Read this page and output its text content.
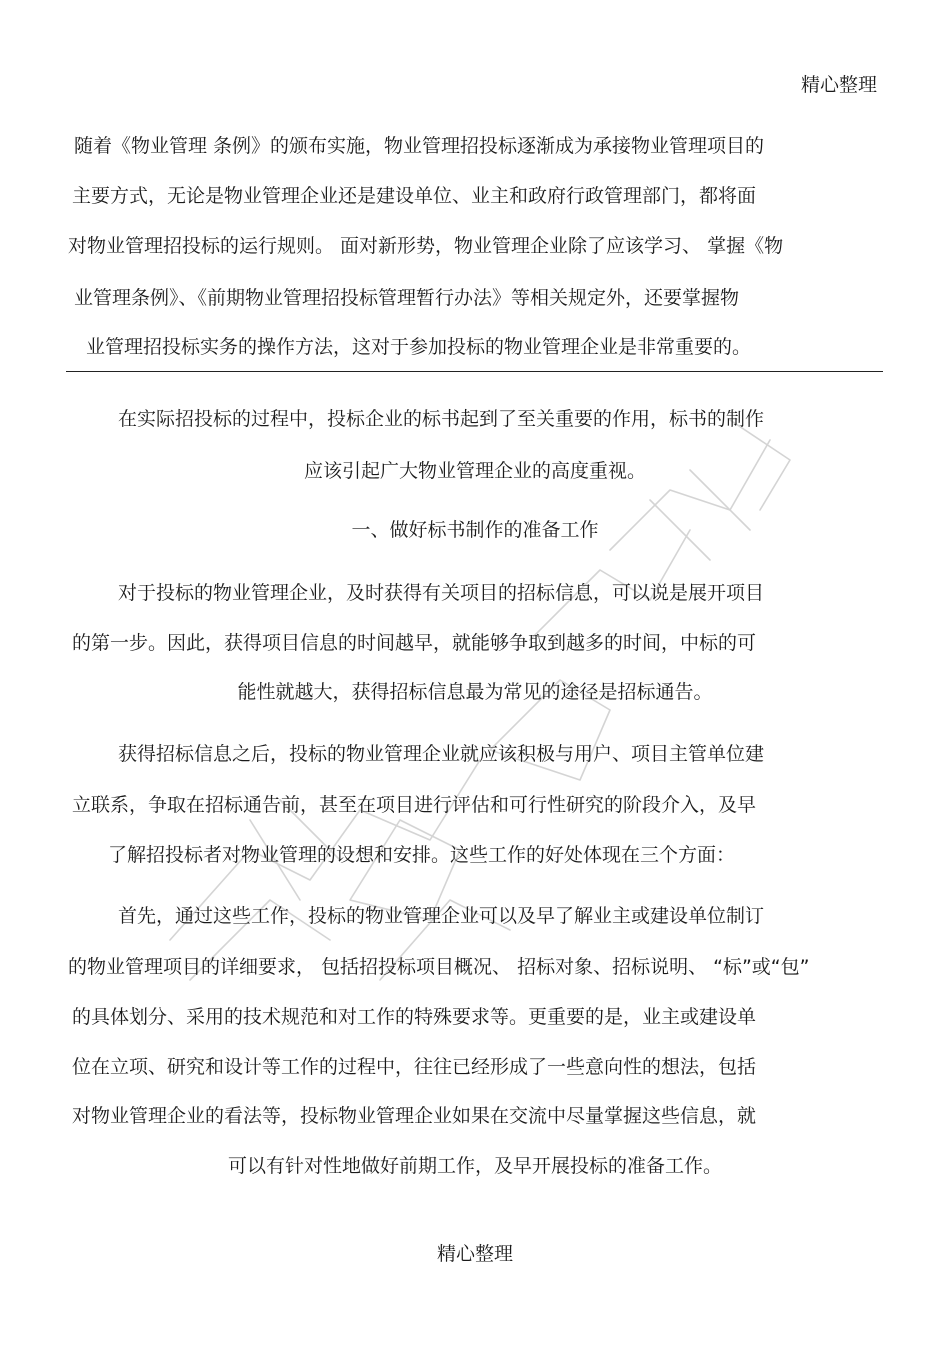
精心整理
随着《物业管理 条例》的颁布实施，物业管理招投标逐渐成为承接物业管理项目的
主要方式，无论是物业管理企业还是建设单位、业主和政府行政管理部门，都将面
对物业管理招投标的运行规则。 面对新形势，物业管理企业除了应该学习、 掌握《物
业管理条例》、《前期物业管理招投标管理暂行办法》等相关规定外，还要掌握物
业管理招投标实务的操作方法，这对于参加投标的物业管理企业是非常重要的。
在实际招投标的过程中，投标企业的标书起到了至关重要的作用，标书的制作
应该引起广大物业管理企业的高度重视。
一、做好标书制作的准备工作
对于投标的物业管理企业，及时获得有关项目的招标信息，可以说是展开项目
的第一步。因此，获得项目信息的时间越早，就能够争取到越多的时间，中标的可
能性就越大，获得招标信息最为常见的途径是招标通告。
获得招标信息之后，投标的物业管理企业就应该积极与用户、项目主管单位建
立联系，争取在招标通告前，甚至在项目进行评估和可行性研究的阶段介入，及早
了解招投标者对物业管理的设想和安排。这些工作的好处体现在三个方面：
首先，通过这些工作，投标的物业管理企业可以及早了解业主或建设单位制订
的物业管理项目的详细要求， 包括招投标项目概况、 招标对象、招标说明、 “标”或“包”
的具体划分、采用的技术规范和对工作的特殊要求等。更重要的是，业主或建设单
位在立项、研究和设计等工作的过程中，往往已经形成了一些意向性的想法，包括
对物业管理企业的看法等，投标物业管理企业如果在交流中尽量掌握这些信息，就
可以有针对性地做好前期工作，及早开展投标的准备工作。
精心整理
